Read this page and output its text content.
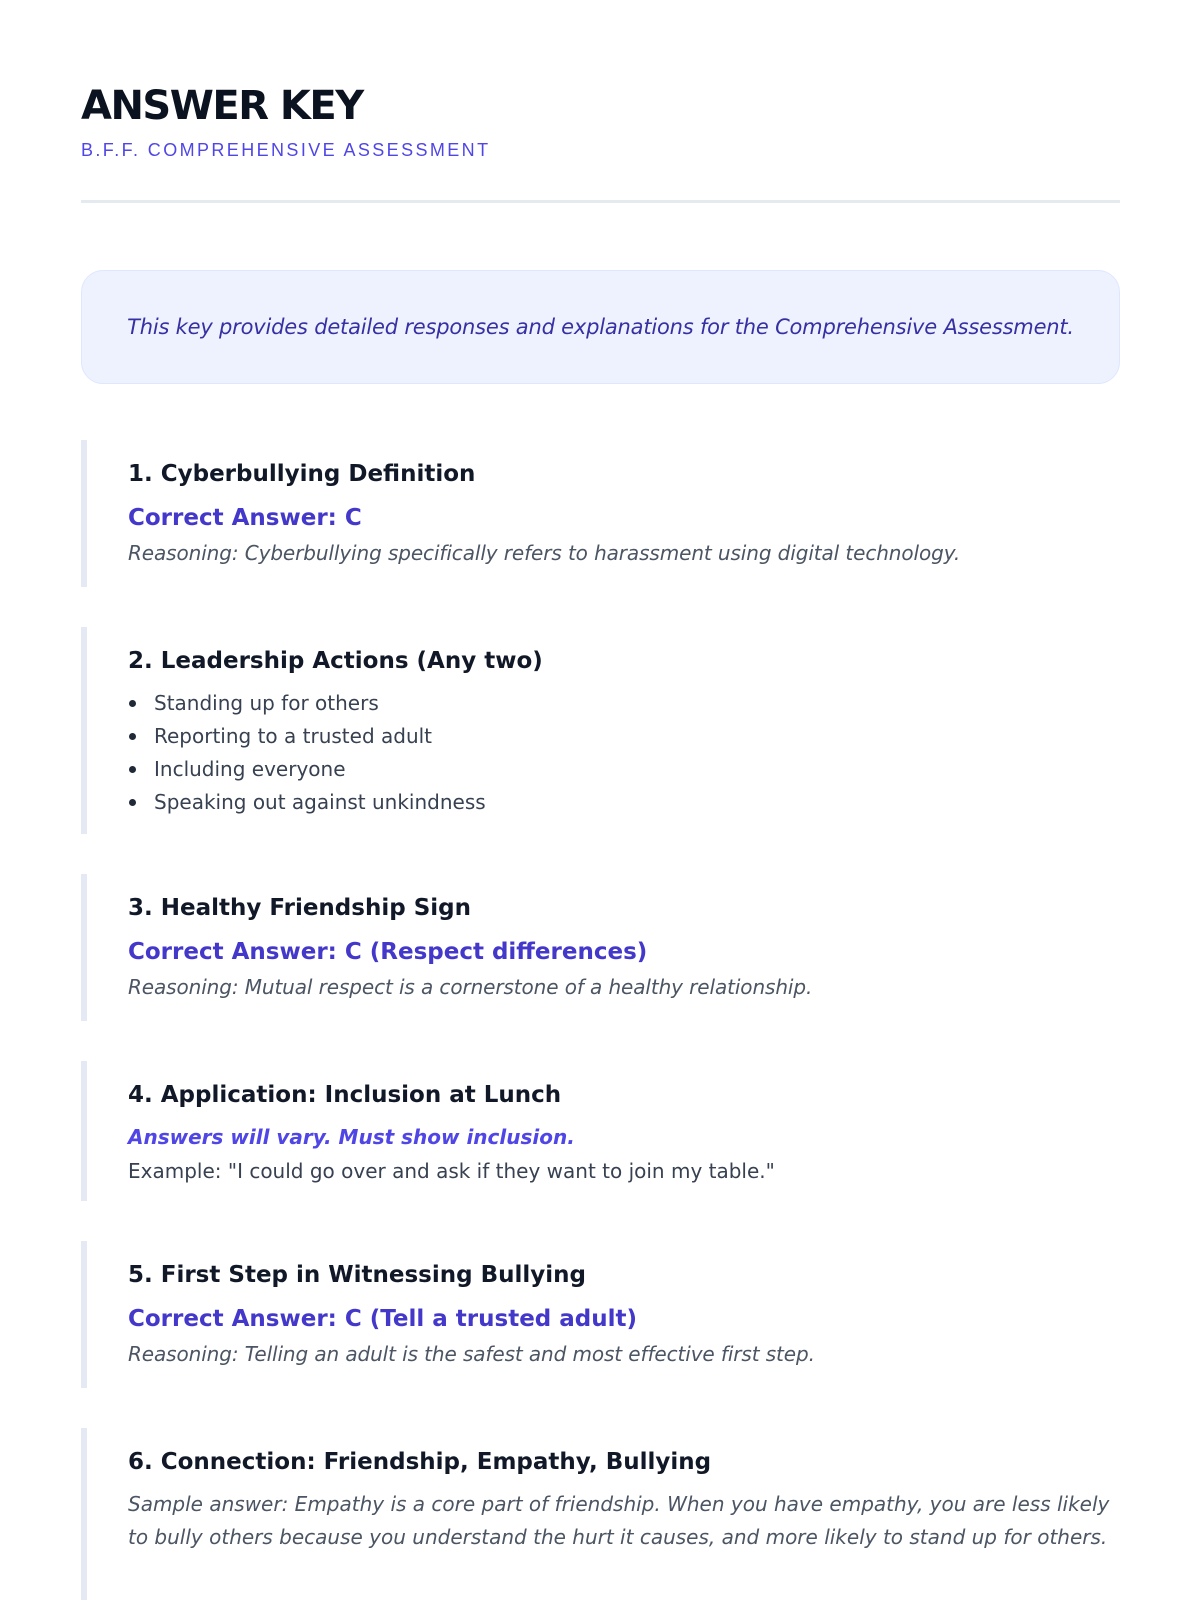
ANSWER KEY
B.F.F. COMPREHENSIVE ASSESSMENT
This key provides detailed responses and explanations for the Comprehensive Assessment.
1. Cyberbullying Definition
Correct Answer: C
Reasoning: Cyberbullying specifically refers to harassment using digital technology.
2. Leadership Actions (Any two)
Standing up for others
Reporting to a trusted adult
Including everyone
Speaking out against unkindness
3. Healthy Friendship Sign
Correct Answer: C (Respect differences)
Reasoning: Mutual respect is a cornerstone of a healthy relationship.
4. Application: Inclusion at Lunch
Answers will vary. Must show inclusion.
Example: "I could go over and ask if they want to join my table."
5. First Step in Witnessing Bullying
Correct Answer: C (Tell a trusted adult)
Reasoning: Telling an adult is the safest and most effective first step.
6. Connection: Friendship, Empathy, Bullying
Sample answer: Empathy is a core part of friendship. When you have empathy, you are less likely to bully others because you understand the hurt it causes, and more likely to stand up for others.
